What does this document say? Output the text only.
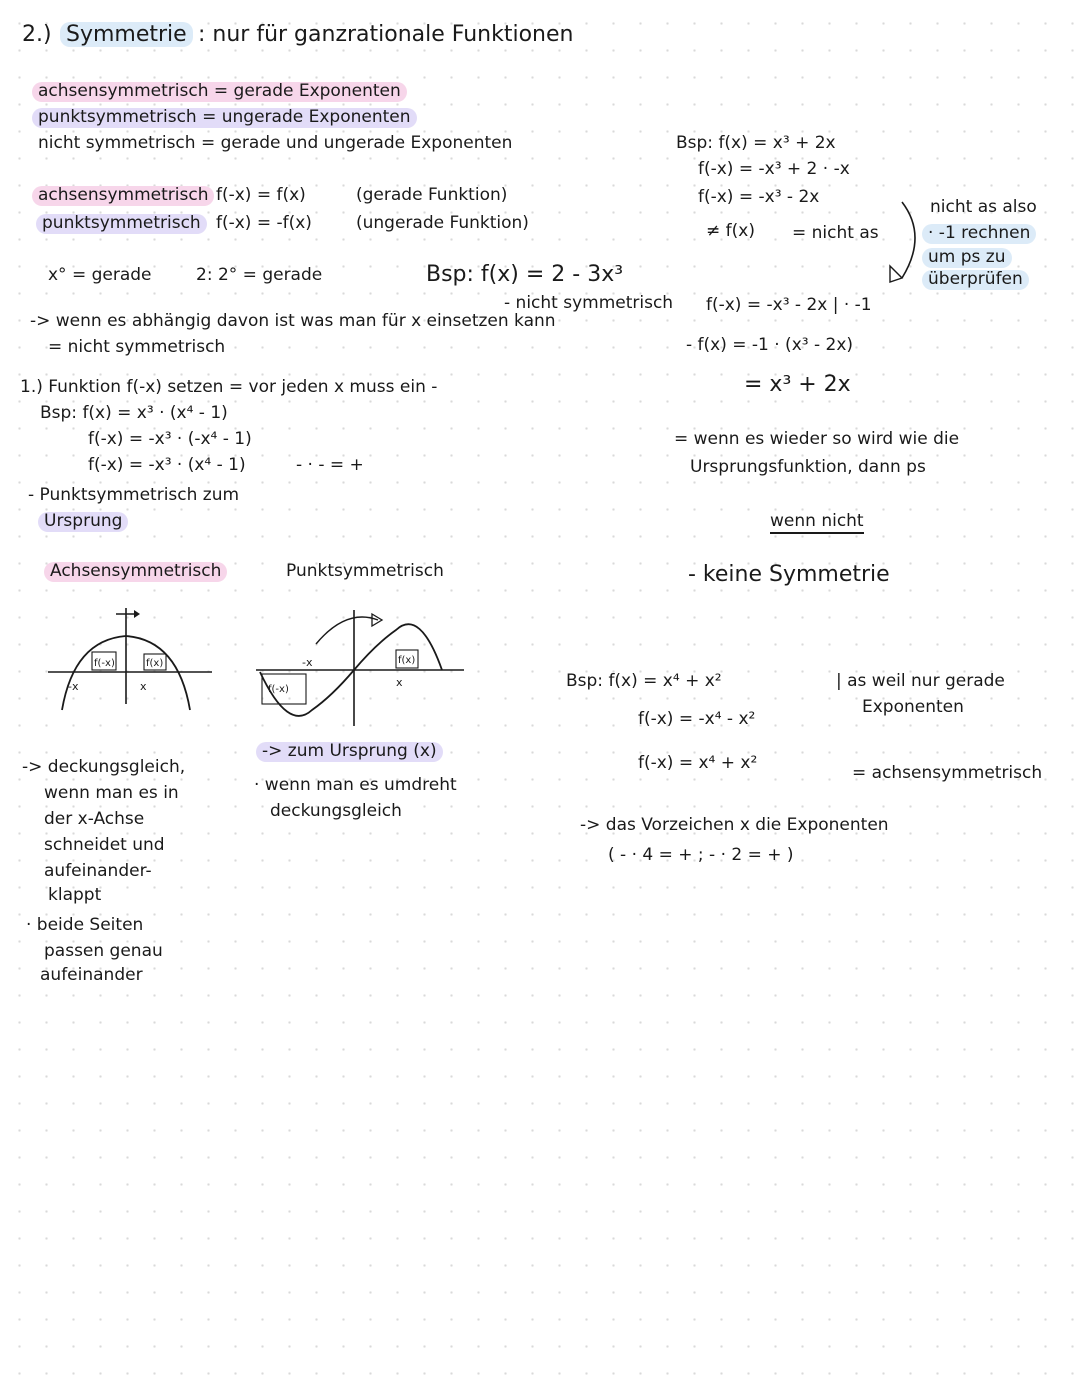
2.) Symmetrie : nur für ganzrationale Funktionen
achsensymmetrisch = gerade Exponenten
punktsymmetrisch = ungerade Exponenten
nicht symmetrisch = gerade und ungerade Exponenten
achsensymmetrisch f(-x) = f(x)	(gerade Funktion)
punktsymmetrisch f(-x) = -f(x)	(ungerade Funktion)
x° = gerade	2: 2° = gerade	Bsp: f(x) = 2 - 3x³
- nicht symmetrisch
-> wenn es abhängig davon ist was man für x einsetzen kann
= nicht symmetrisch
1.) Funktion f(-x) setzen = vor jeden x muss ein -
Bsp: f(x) = x³ · (x⁴ - 1)
f(-x) = -x³ · (-x⁴ - 1)
f(-x) = -x³ · (x⁴ - 1)	- · - = +
- Punktsymmetrisch zum
Ursprung
Bsp: f(x) = x³ + 2x
f(-x) = -x³ + 2 · -x
f(-x) = -x³ - 2x
≠ f(x) = nicht as
nicht as also
· -1 rechnen
um ps zu
überprüfen
f(-x) = -x³ - 2x | · -1
- f(x) = -1 · (x³ - 2x)
= x³ + 2x
= wenn es wieder so wird wie die
Ursprungsfunktion, dann ps
wenn nicht
- keine Symmetrie
Achsensymmetrisch	Punktsymmetrisch
f(-x)	f(x)
-x	x	f(-x)
f(x)
-x
x
-> deckungsgleich,
wenn man es in
der x-Achse
schneidet und
aufeinander-
klappt
· beide Seiten
passen genau
aufeinander
-> zum Ursprung (x)
· wenn man es umdreht
deckungsgleich
Bsp: f(x) = x⁴ + x²	| as weil nur gerade
Exponenten
f(-x) = -x⁴ - x²
f(-x) = x⁴ + x²	= achsensymmetrisch
-> das Vorzeichen x die Exponenten
( - · 4 = + ; - · 2 = + )
